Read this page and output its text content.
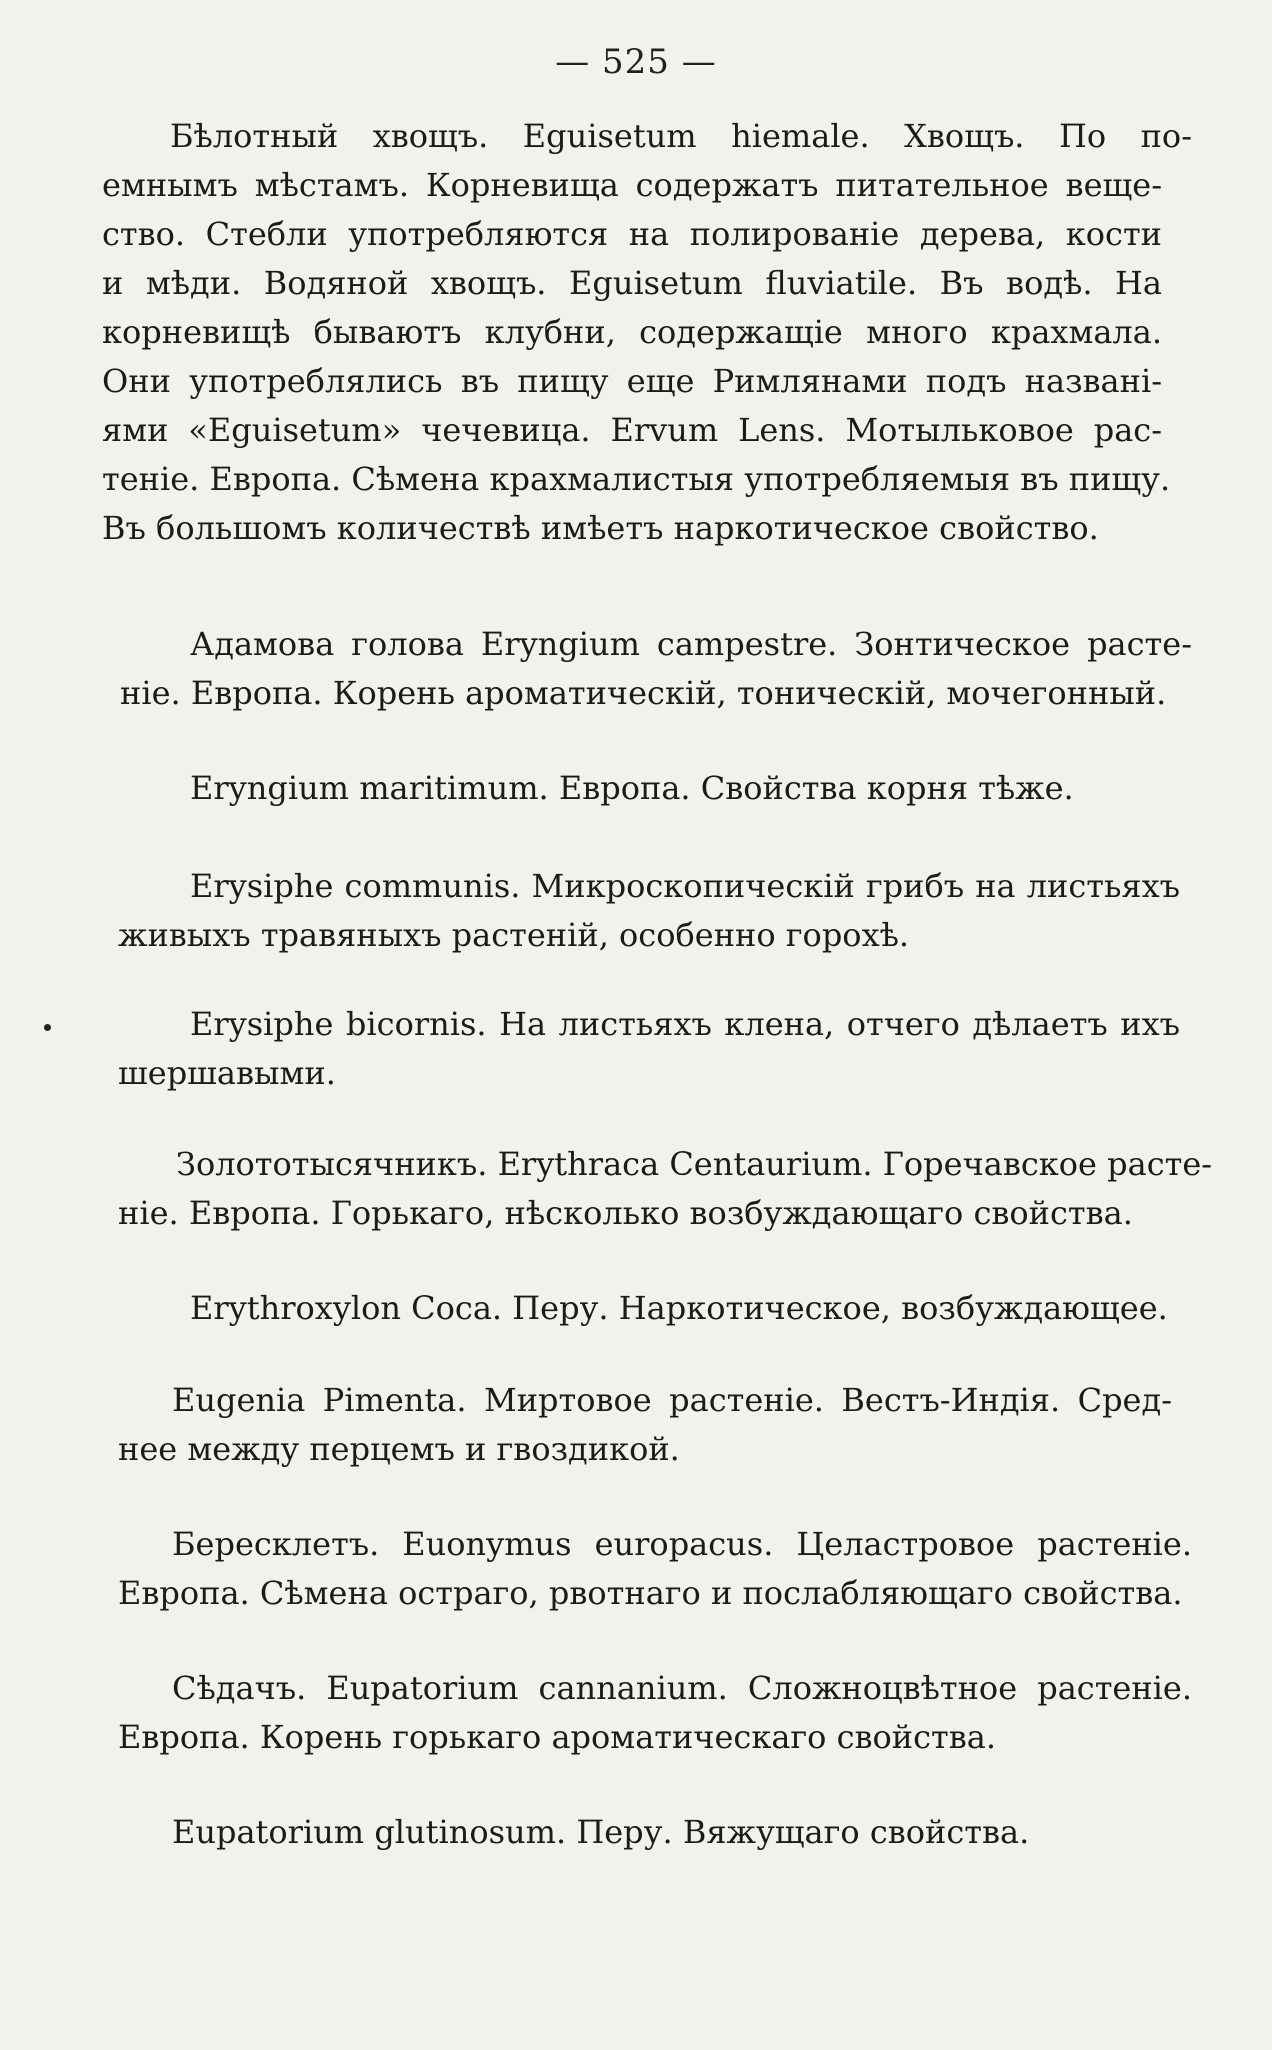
— 525 —
Бѣлотный хвощъ. Eguisetum hiemale. Хвощъ. По по-
емнымъ мѣстамъ. Корневища содержатъ питательное веще-
ство. Стебли употребляются на полированіе дерева, кости
и мѣди. Водяной хвощъ. Eguisetum fluviatile. Въ водѣ. На
корневищѣ бываютъ клубни, содержащіе много крахмала.
Они употреблялись въ пищу еще Римлянами подъ названі-
ями «Eguisetum» чечевица. Ervum Lens. Мотыльковое рас-
теніе. Европа. Сѣмена крахмалистыя употребляемыя въ пищу.
Въ большомъ количествѣ имѣетъ наркотическое свойство.
Адамова голова Eryngium campestre. Зонтическое расте-
ніе. Европа. Корень ароматическій, тоническій, мочегонный.
Eryngium maritimum. Европа. Свойства корня тѣже.
Erysiphe communis. Микроскопическій грибъ на листьяхъ
живыхъ травяныхъ растеній, особенно горохѣ.
Erysiphe bicornis. На листьяхъ клена, отчего дѣлаетъ ихъ
шершавыми.
Золототысячникъ. Erythraca Centaurium. Горечавское расте-
ніе. Европа. Горькаго, нѣсколько возбуждающаго свойства.
Erythroxylon Coca. Перу. Наркотическое, возбуждающее.
Eugenia Pimenta. Миртовое растеніе. Вестъ-Индія. Сред-
нее между перцемъ и гвоздикой.
Бересклетъ. Euonymus europacus. Целастровое растеніе.
Европа. Сѣмена остраго, рвотнаго и послабляющаго свойства.
Сѣдачъ. Eupatorium cannanium. Сложноцвѣтное растеніе.
Европа. Корень горькаго ароматическаго свойства.
Eupatorium glutinosum. Перу. Вяжущаго свойства.
